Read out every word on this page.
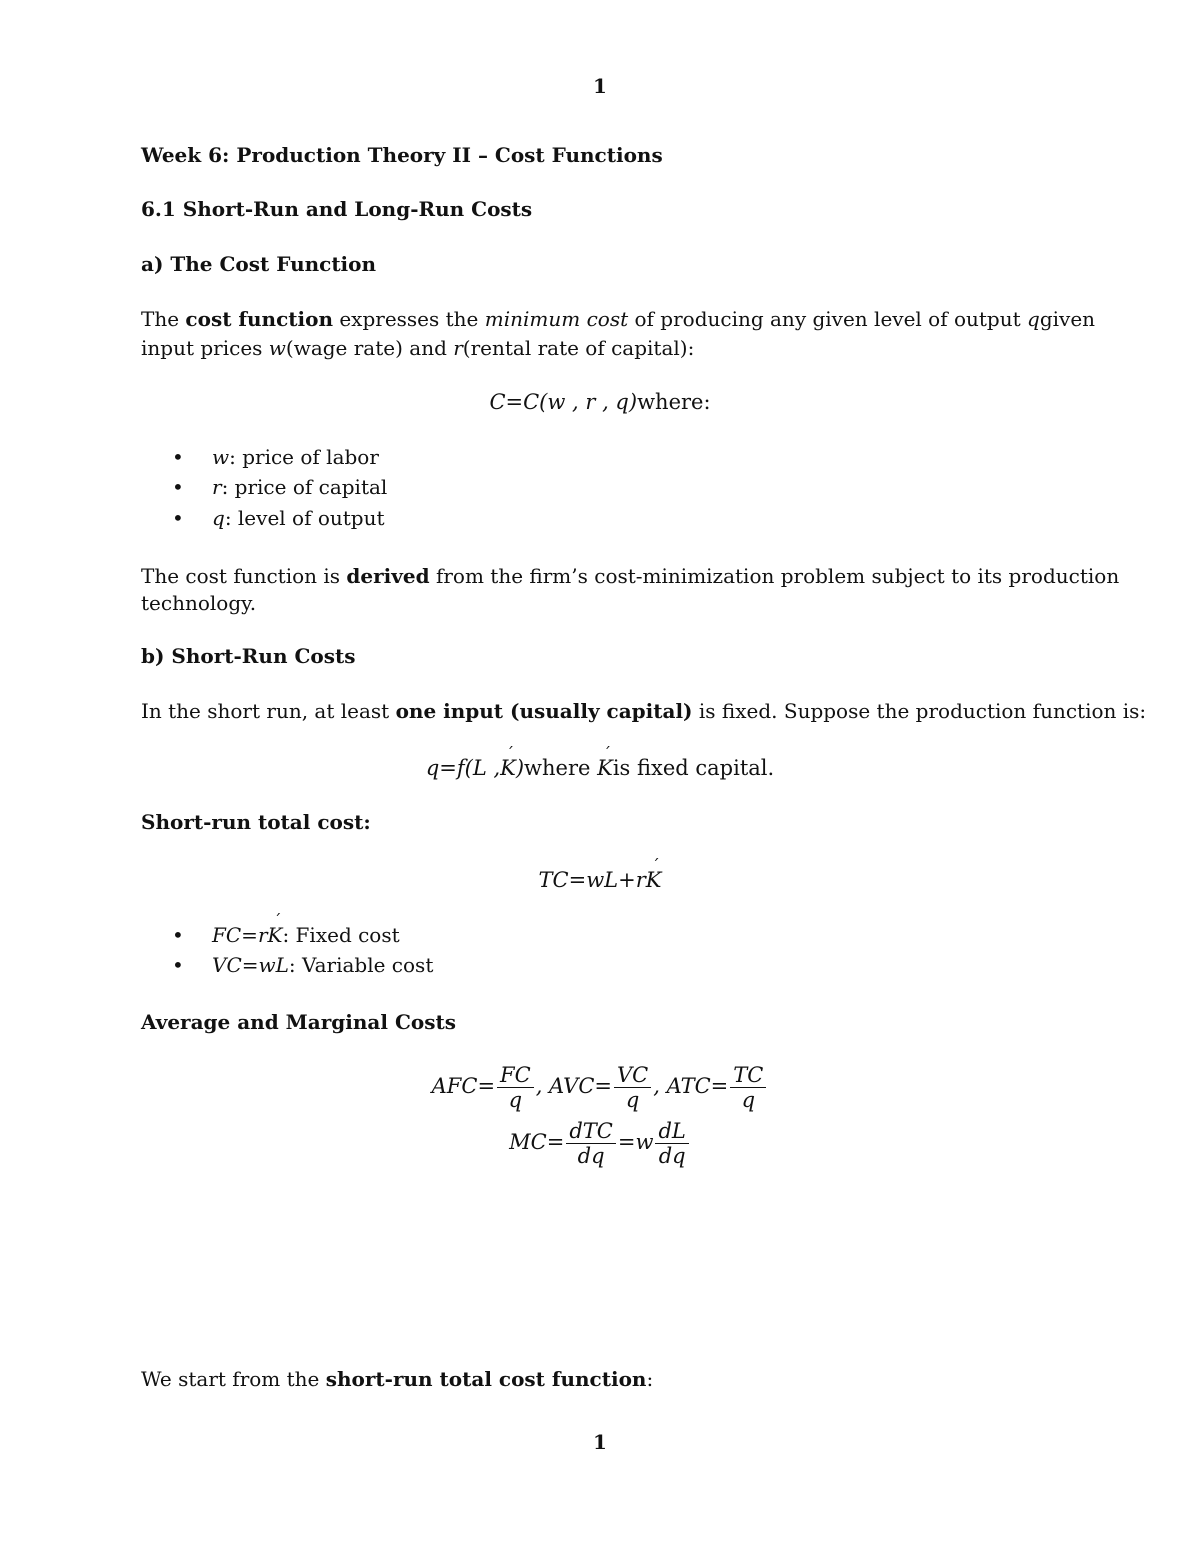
1
Week 6: Production Theory II – Cost Functions
6.1 Short-Run and Long-Run Costs
a) The Cost Function
The cost function expresses the minimum cost of producing any given level of output qgiven
input prices w(wage rate) and r(rental rate of capital):
C=C(w , r , q)where:
• w: price of labor
• r: price of capital
• q: level of output
The cost function is derived from the firm’s cost-minimization problem subject to its production
technology.
b) Short-Run Costs
In the short run, at least one input (usually capital) is fixed. Suppose the production function is:
q=f(L ,´ K)where ´ Kis fixed capital.
Short-run total cost:
TC=wL+r´ K
• FC=r´ K: Fixed cost
• VC=wL: Variable cost
Average and Marginal Costs
$AFC= \frac{FC}{q}$ , $AVC= \frac{VC}{q}$ , $ATC= \frac{TC}{q}$
$MC= \frac{\text{dTC}}{dq} =w \frac{dL}{dq}$
We start from the short-run total cost function:
1
